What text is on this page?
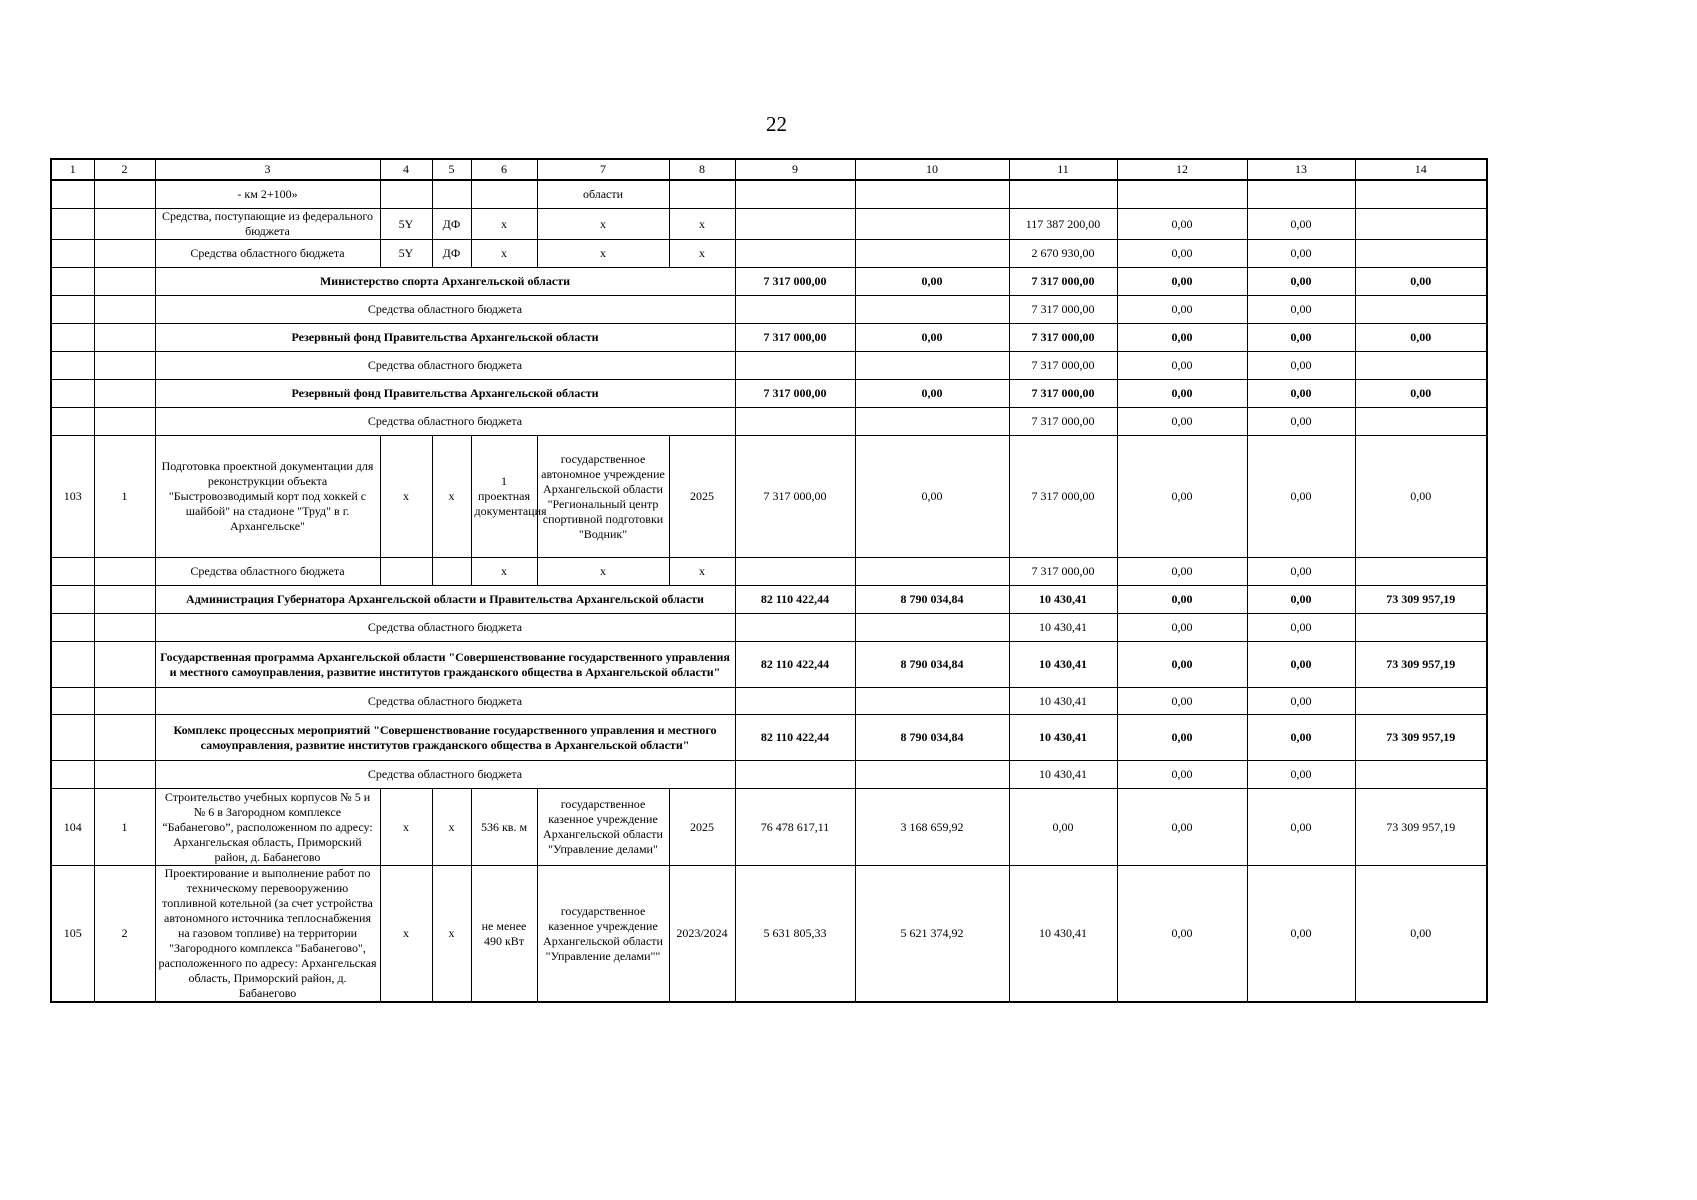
22
1	2	3	4	5	6	7	8	9	10	11	12	13	14
		- км 2+100»				области							
		Средства, поступающие из федерального бюджета	5Y	ДФ	х	х	х			117 387 200,00	0,00	0,00	
		Средства областного бюджета	5Y	ДФ	х	х	х			2 670 930,00	0,00	0,00	
		Министерство спорта Архангельской области						7 317 000,00	0,00	7 317 000,00	0,00	0,00	0,00
		Средства областного бюджета								7 317 000,00	0,00	0,00	
		Резервный фонд Правительства Архангельской области						7 317 000,00	0,00	7 317 000,00	0,00	0,00	0,00
		Средства областного бюджета								7 317 000,00	0,00	0,00	
		Резервный фонд Правительства Архангельской области						7 317 000,00	0,00	7 317 000,00	0,00	0,00	0,00
		Средства областного бюджета								7 317 000,00	0,00	0,00	
103	1	Подготовка проектной документации для реконструкции объекта "Быстровозводимый корт под хоккей с шайбой" на стадионе "Труд" в г. Архангельске"	х	х	1 проектная документация	государственное автономное учреждение Архангельской области "Региональный центр спортивной подготовки "Водник"	2025	7 317 000,00	0,00	7 317 000,00	0,00	0,00	0,00
		Средства областного бюджета			х	х	х			7 317 000,00	0,00	0,00	
		Администрация Губернатора Архангельской области и Правительства Архангельской области						82 110 422,44	8 790 034,84	10 430,41	0,00	0,00	73 309 957,19
		Средства областного бюджета								10 430,41	0,00	0,00	
		Государственная программа Архангельской области "Совершенствование государственного управления и местного самоуправления, развитие институтов гражданского общества в Архангельской области"						82 110 422,44	8 790 034,84	10 430,41	0,00	0,00	73 309 957,19
		Средства областного бюджета								10 430,41	0,00	0,00	
		Комплекс процессных мероприятий "Совершенствование государственного управления и местного самоуправления, развитие институтов гражданского общества в Архангельской области"						82 110 422,44	8 790 034,84	10 430,41	0,00	0,00	73 309 957,19
		Средства областного бюджета								10 430,41	0,00	0,00	
104	1	Строительство учебных корпусов № 5 и № 6 в Загородном комплексе “Бабанегово”, расположенном по адресу: Архангельская область, Приморский район, д. Бабанегово	х	х	536 кв. м	государственное казенное учреждение Архангельской области "Управление делами"	2025	76 478 617,11	3 168 659,92	0,00	0,00	0,00	73 309 957,19
105	2	Проектирование и выполнение работ по техническому перевооружению топливной котельной (за счет устройства автономного источника теплоснабжения на газовом топливе) на территории "Загородного комплекса "Бабанегово", расположенного по адресу: Архангельская область, Приморский район, д. Бабанегово	х	х	не менее 490 кВт	государственное казенное учреждение Архангельской области "Управление делами""	2023/2024	5 631 805,33	5 621 374,92	10 430,41	0,00	0,00	0,00
